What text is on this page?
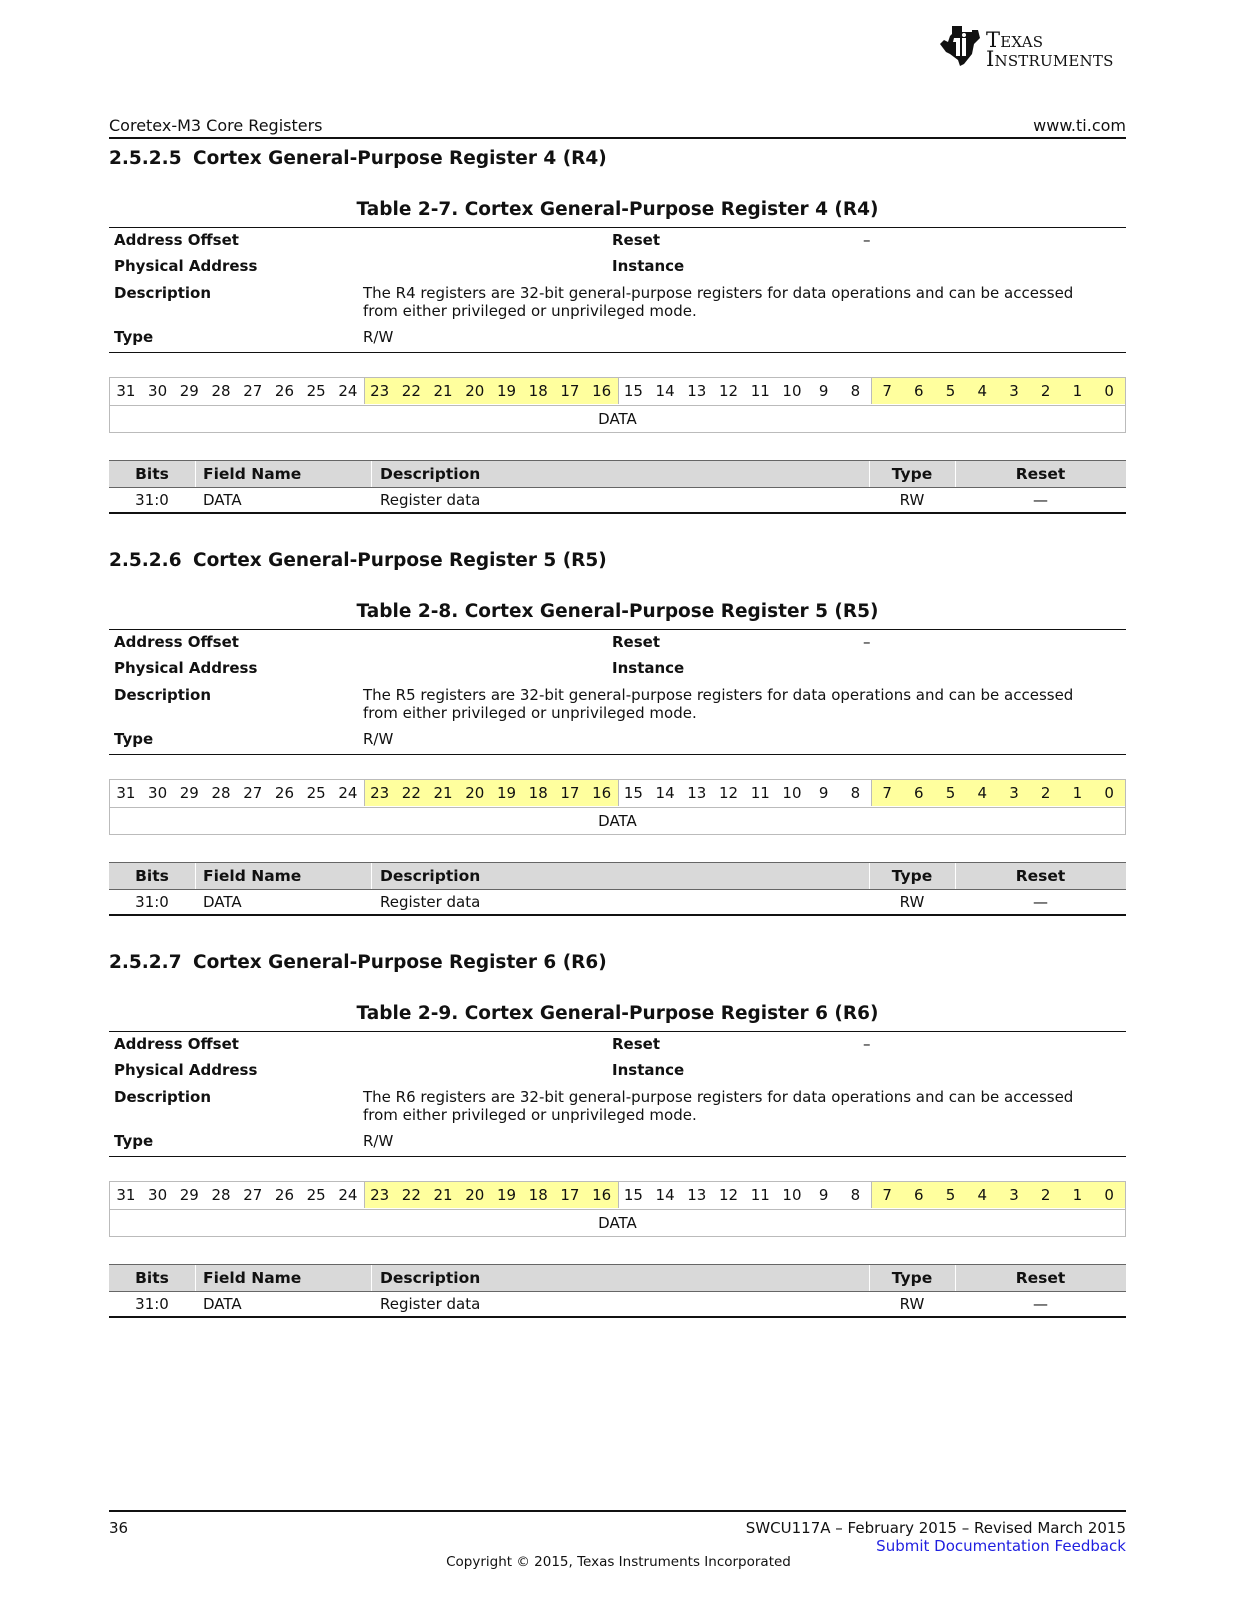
Texas
Instruments
Coretex-M3 Core Registers	www.ti.com
2.5.2.5 Cortex General-Purpose Register 4 (R4)
Table 2-7. Cortex General-Purpose Register 4 (R4)
Address Offset	Reset	–
Physical Address	Instance
Description	The R4 registers are 32-bit general-purpose registers for data operations and can be accessed from either privileged or unprivileged mode.
Type	R/W
31 30 29 28 27 26 25 24 23 22 21 20 19 18 17 16 15 14 13 12 11 10	9	8	7	6	5	4	3	2	1	0
DATA
Bits	Field Name	Description	Type	Reset
31:0	DATA	Register data	RW	—
2.5.2.6 Cortex General-Purpose Register 5 (R5)
Table 2-8. Cortex General-Purpose Register 5 (R5)
Address Offset	Reset	–
Physical Address	Instance
Description	The R5 registers are 32-bit general-purpose registers for data operations and can be accessed from either privileged or unprivileged mode.
Type	R/W
31 30 29 28 27 26 25 24 23 22 21 20 19 18 17 16 15 14 13 12 11 10	9	8	7	6	5	4	3	2	1	0
DATA
Bits	Field Name	Description	Type	Reset
31:0	DATA	Register data	RW	—
2.5.2.7 Cortex General-Purpose Register 6 (R6)
Table 2-9. Cortex General-Purpose Register 6 (R6)
Address Offset	Reset	–
Physical Address	Instance
Description	The R6 registers are 32-bit general-purpose registers for data operations and can be accessed from either privileged or unprivileged mode.
Type	R/W
31 30 29 28 27 26 25 24 23 22 21 20 19 18 17 16 15 14 13 12 11 10	9	8	7	6	5	4	3	2	1	0
DATA
Bits	Field Name	Description	Type	Reset
31:0	DATA	Register data	RW	—
36	SWCU117A – February 2015 – Revised March 2015
Submit Documentation Feedback
Copyright © 2015, Texas Instruments Incorporated
